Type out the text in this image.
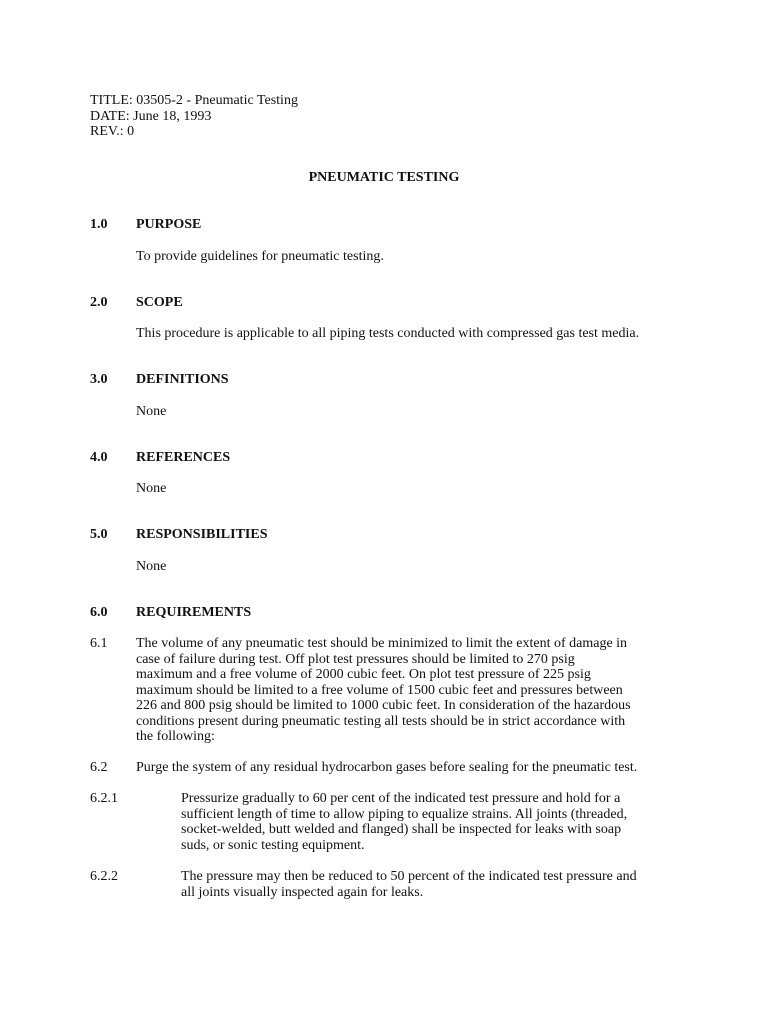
TITLE: 03505-2 - Pneumatic Testing
DATE: June 18, 1993
REV.: 0
PNEUMATIC TESTING
1.0 PURPOSE
To provide guidelines for pneumatic testing.
2.0 SCOPE
This procedure is applicable to all piping tests conducted with compressed gas test media.
3.0 DEFINITIONS
None
4.0 REFERENCES
None
5.0 RESPONSIBILITIES
None
6.0 REQUIREMENTS
6.1 The volume of any pneumatic test should be minimized to limit the extent of damage in
case of failure during test. Off plot test pressures should be limited to 270 psig
maximum and a free volume of 2000 cubic feet. On plot test pressure of 225 psig
maximum should be limited to a free volume of 1500 cubic feet and pressures between
226 and 800 psig should be limited to 1000 cubic feet. In consideration of the hazardous
conditions present during pneumatic testing all tests should be in strict accordance with
the following:
6.2 Purge the system of any residual hydrocarbon gases before sealing for the pneumatic test.
6.2.1	Pressurize gradually to 60 per cent of the indicated test pressure and hold for a
sufficient length of time to allow piping to equalize strains. All joints (threaded,
socket-welded, butt welded and flanged) shall be inspected for leaks with soap
suds, or sonic testing equipment.
6.2.2	The pressure may then be reduced to 50 percent of the indicated test pressure and
all joints visually inspected again for leaks.
